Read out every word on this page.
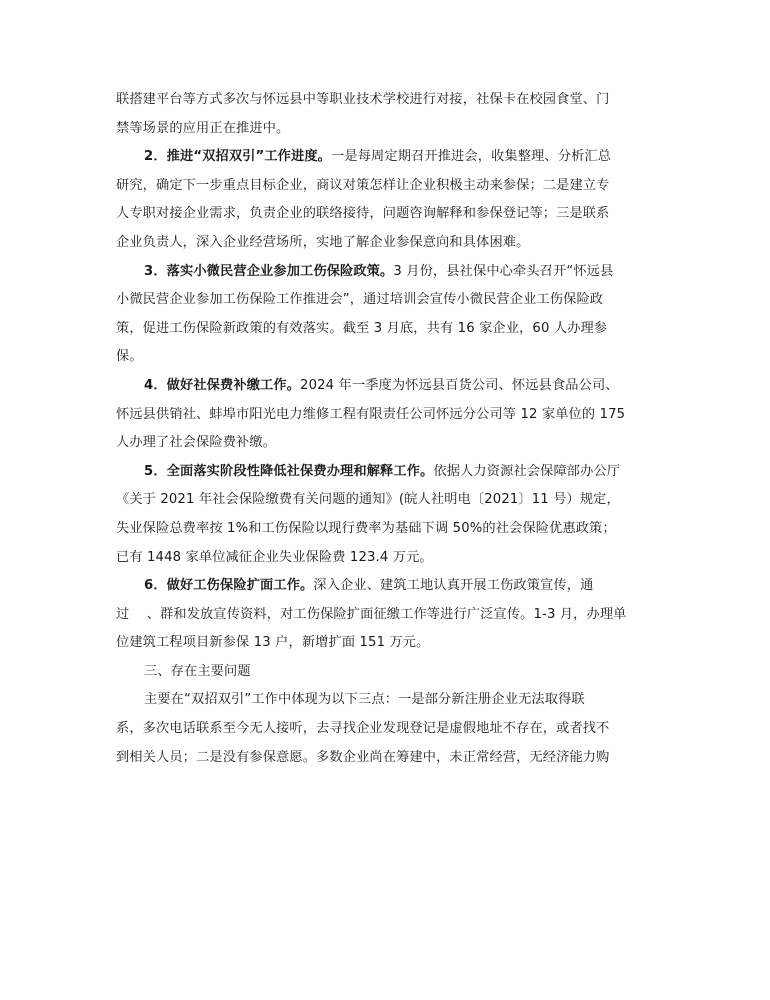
联搭建平台等方式多次与怀远县中等职业技术学校进行对接，社保卡在校园食堂、门
禁等场景的应用正在推进中。
2．推进“双招双引”工作进度。一是每周定期召开推进会，收集整理、分析汇总
研究，确定下一步重点目标企业，商议对策怎样让企业积极主动来参保；二是建立专
人专职对接企业需求，负责企业的联络接待，问题咨询解释和参保登记等；三是联系
企业负责人，深入企业经营场所，实地了解企业参保意向和具体困难。
3．落实小微民营企业参加工伤保险政策。3 月份，县社保中心牵头召开“怀远县
小微民营企业参加工伤保险工作推进会”，通过培训会宣传小微民营企业工伤保险政
策，促进工伤保险新政策的有效落实。截至 3 月底，共有 16 家企业，60 人办理参
保。
4．做好社保费补缴工作。2024 年一季度为怀远县百货公司、怀远县食品公司、
怀远县供销社、蚌埠市阳光电力维修工程有限责任公司怀远分公司等 12 家单位的 175
人办理了社会保险费补缴。
5．全面落实阶段性降低社保费办理和解释工作。依据人力资源社会保障部办公厅
《关于 2021 年社会保险缴费有关问题的通知》(皖人社明电〔2021〕11 号）规定，
失业保险总费率按 1%和工伤保险以现行费率为基础下调 50%的社会保险优惠政策；
已有 1448 家单位减征企业失业保险费 123.4 万元。
6．做好工伤保险扩面工作。深入企业、建筑工地认真开展工伤政策宣传，通
过    、群和发放宣传资料，对工伤保险扩面征缴工作等进行广泛宣传。1-3 月，办理单
位建筑工程项目新参保 13 户，新增扩面 151 万元。
三、存在主要问题
主要在“双招双引”工作中体现为以下三点：一是部分新注册企业无法取得联
系，多次电话联系至今无人接听，去寻找企业发现登记是虚假地址不存在，或者找不
到相关人员；二是没有参保意愿。多数企业尚在筹建中，未正常经营，无经济能力购
